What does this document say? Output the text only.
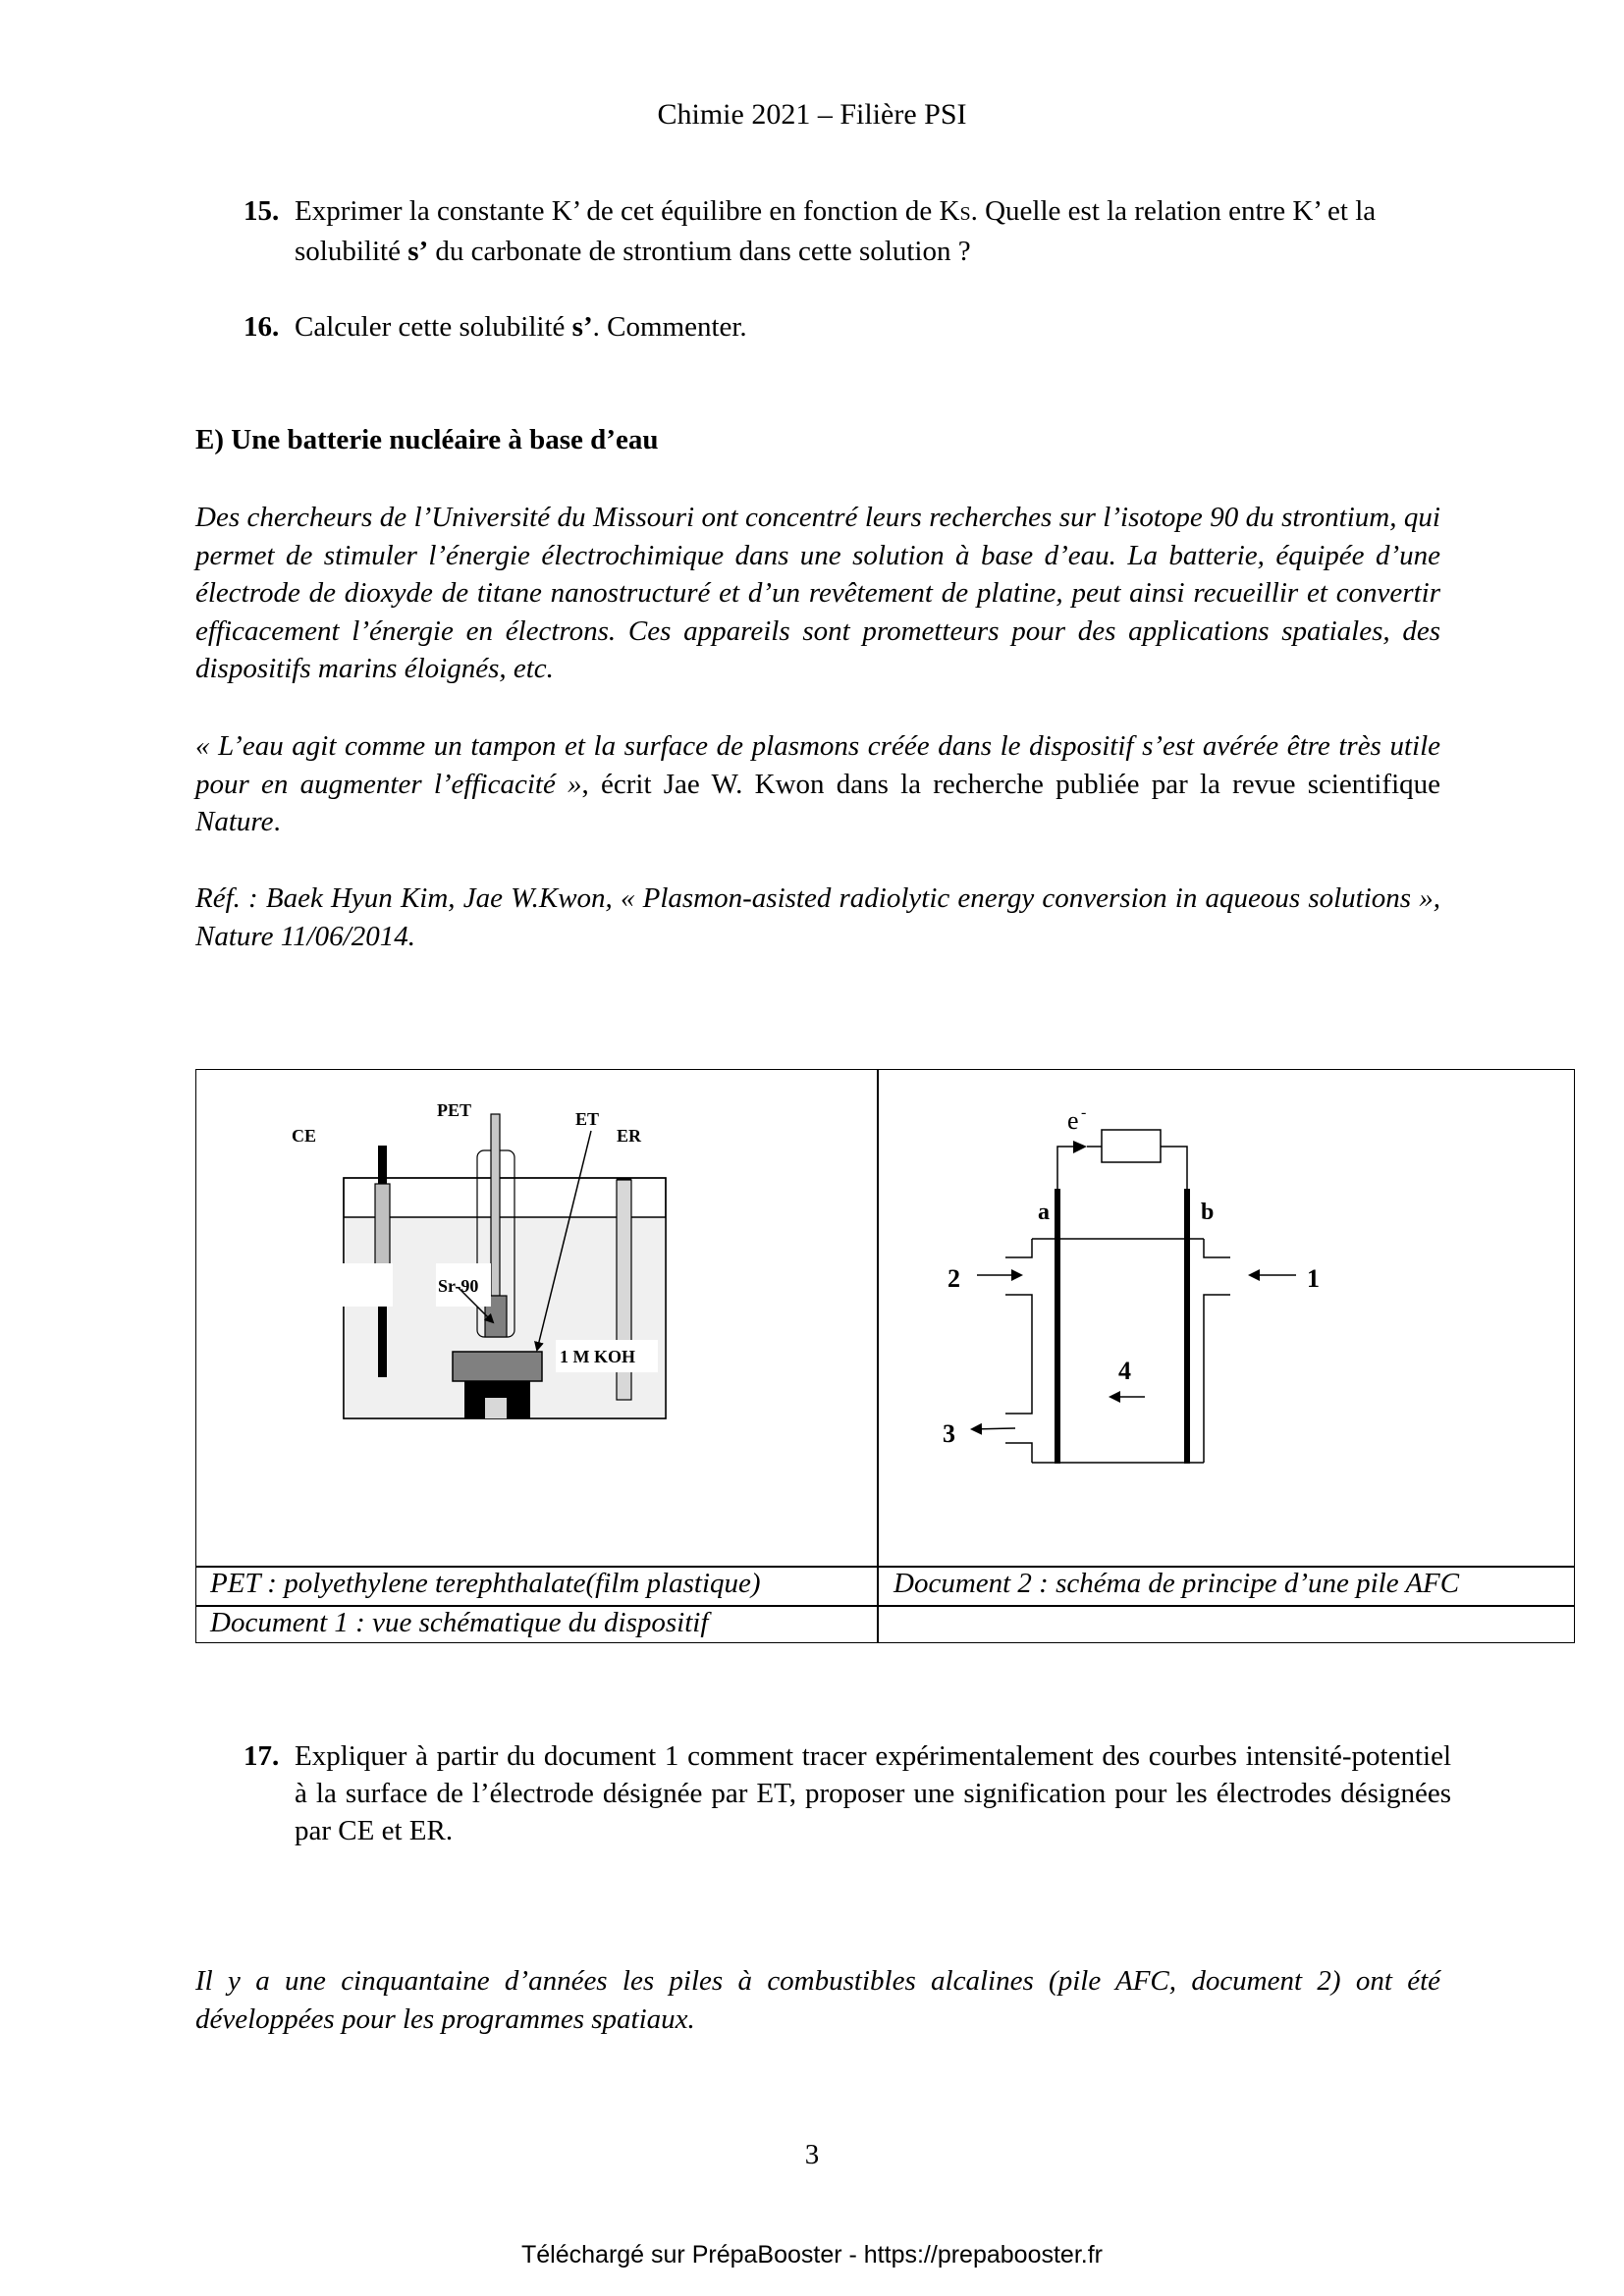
Chimie 2021 – Filière PSI
15. Exprimer la constante K’ de cet équilibre en fonction de KS. Quelle est la relation entre K’ et la solubilité s’ du carbonate de strontium dans cette solution ?
16. Calculer cette solubilité s’. Commenter.
E) Une batterie nucléaire à base d’eau
Des chercheurs de l’Université du Missouri ont concentré leurs recherches sur l’isotope 90 du strontium, qui permet de stimuler l’énergie électrochimique dans une solution à base d’eau. La batterie, équipée d’une électrode de dioxyde de titane nanostructuré et d’un revêtement de platine, peut ainsi recueillir et convertir efficacement l’énergie en électrons. Ces appareils sont prometteurs pour des applications spatiales, des dispositifs marins éloignés, etc.
« L’eau agit comme un tampon et la surface de plasmons créée dans le dispositif s’est avérée être très utile pour en augmenter l’efficacité », écrit Jae W. Kwon dans la recherche publiée par la revue scientifique Nature.
Réf. : Baek Hyun Kim, Jae W.Kwon, « Plasmon-asisted radiolytic energy conversion in aqueous solutions », Nature 11/06/2014.
Sr-90
CE
PET	ET
ER
1 M KOH
e -
a	b
2	1
3
4
PET : polyethylene terephthalate(film plastique)	Document 2 : schéma de principe d’une pile AFC
Document 1 : vue schématique du dispositif
17. Expliquer à partir du document 1 comment tracer expérimentalement des courbes intensité-potentiel à la surface de l’électrode désignée par ET, proposer une signification pour les électrodes désignées par CE et ER.
Il y a une cinquantaine d’années les piles à combustibles alcalines (pile AFC, document 2) ont été développées pour les programmes spatiaux.
3
Téléchargé sur PrépaBooster - https://prepabooster.fr
